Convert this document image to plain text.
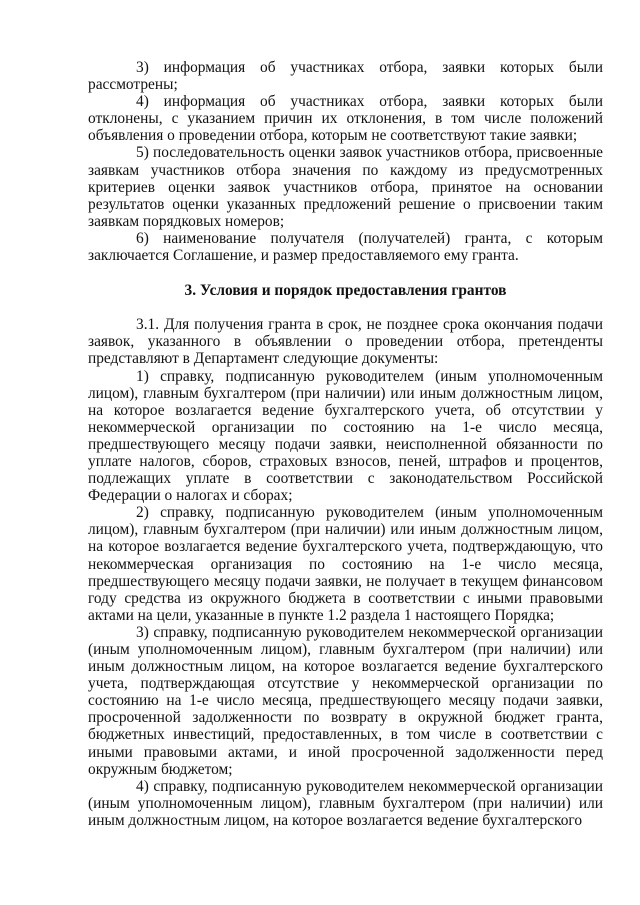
3) информация об участниках отбора, заявки которых были рассмотрены;

4) информация об участниках отбора, заявки которых были отклонены, с указанием причин их отклонения, в том числе положений объявления о проведении отбора, которым не соответствуют такие заявки;

5) последовательность оценки заявок участников отбора, присвоенные заявкам участников отбора значения по каждому из предусмотренных критериев оценки заявок участников отбора, принятое на основании результатов оценки указанных предложений решение о присвоении таким заявкам порядковых номеров;

6) наименование получателя (получателей) гранта, с которым заключается Соглашение, и размер предоставляемого ему гранта.

3. Условия и порядок предоставления грантов

3.1. Для получения гранта в срок, не позднее срока окончания подачи заявок, указанного в объявлении о проведении отбора, претенденты представляют в Департамент следующие документы:

1) справку, подписанную руководителем (иным уполномоченным лицом), главным бухгалтером (при наличии) или иным должностным лицом, на которое возлагается ведение бухгалтерского учета, об отсутствии у некоммерческой организации по состоянию на 1-е число месяца, предшествующего месяцу подачи заявки, неисполненной обязанности по уплате налогов, сборов, страховых взносов, пеней, штрафов и процентов, подлежащих уплате в соответствии с законодательством Российской Федерации о налогах и сборах;

2) справку, подписанную руководителем (иным уполномоченным лицом), главным бухгалтером (при наличии) или иным должностным лицом, на которое возлагается ведение бухгалтерского учета, подтверждающую, что некоммерческая организация по состоянию на 1-е число месяца, предшествующего месяцу подачи заявки, не получает в текущем финансовом году средства из окружного бюджета в соответствии с иными правовыми актами на цели, указанные в пункте 1.2 раздела 1 настоящего Порядка;

3) справку, подписанную руководителем некоммерческой организации (иным уполномоченным лицом), главным бухгалтером (при наличии) или иным должностным лицом, на которое возлагается ведение бухгалтерского учета, подтверждающая отсутствие у некоммерческой организации по состоянию на 1-е число месяца, предшествующего месяцу подачи заявки, просроченной задолженности по возврату в окружной бюджет гранта, бюджетных инвестиций, предоставленных, в том числе в соответствии с иными правовыми актами, и иной просроченной задолженности перед окружным бюджетом;

4) справку, подписанную руководителем некоммерческой организации (иным уполномоченным лицом), главным бухгалтером (при наличии) или иным должностным лицом, на которое возлагается ведение бухгалтерского
